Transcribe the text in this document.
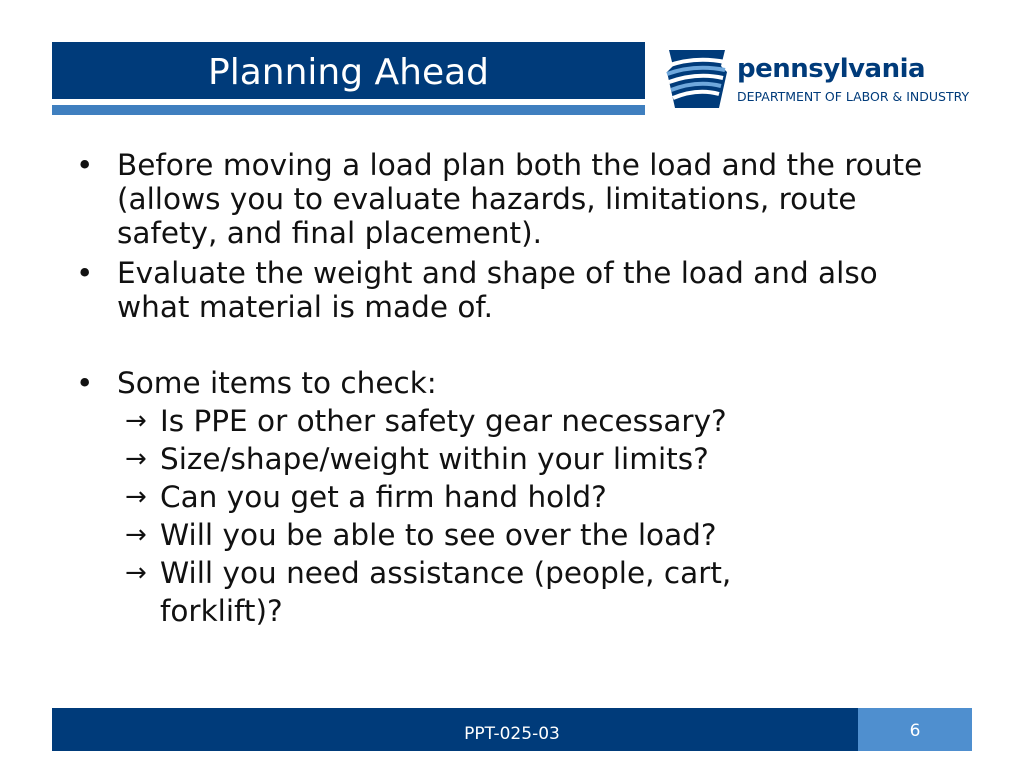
Planning Ahead	pennsylvania
DEPARTMENT OF LABOR & INDUSTRY

• Before moving a load plan both the load and the route (allows you to evaluate hazards, limitations, route safety, and final placement).

• Evaluate the weight and shape of the load and also what material is made of.

• Some items to check:

→ Is PPE or other safety gear necessary?
→ Size/shape/weight within your limits?
→ Can you get a firm hand hold?
→ Will you be able to see over the load?
→ Will you need assistance (people, cart,
forklift)?
PPT-025-03	6
